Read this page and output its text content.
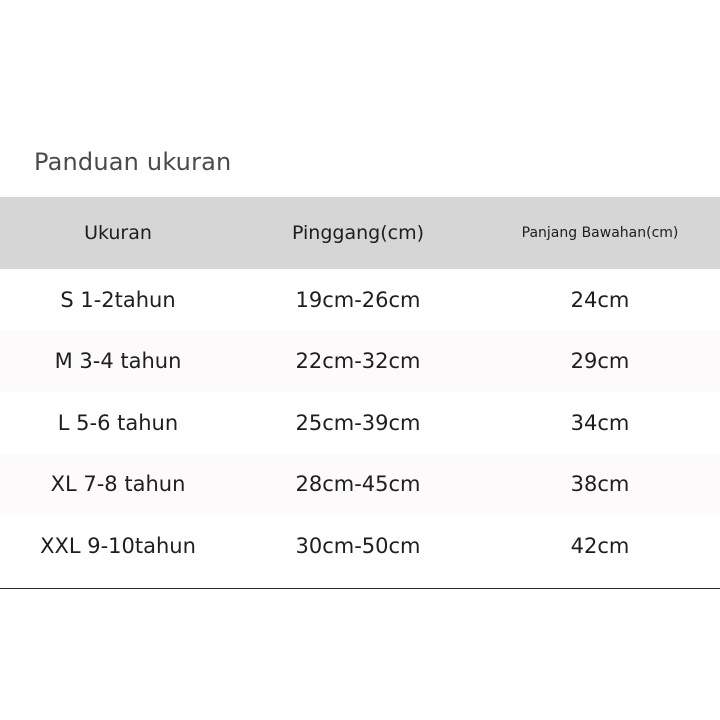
Panduan ukuran
Ukuran	Pinggang(cm)	Panjang Bawahan(cm)
S 1-2tahun	19cm-26cm	24cm
M 3-4 tahun	22cm-32cm	29cm
L 5-6 tahun	25cm-39cm	34cm
XL 7-8 tahun	28cm-45cm	38cm
XXL 9-10tahun	30cm-50cm	42cm
